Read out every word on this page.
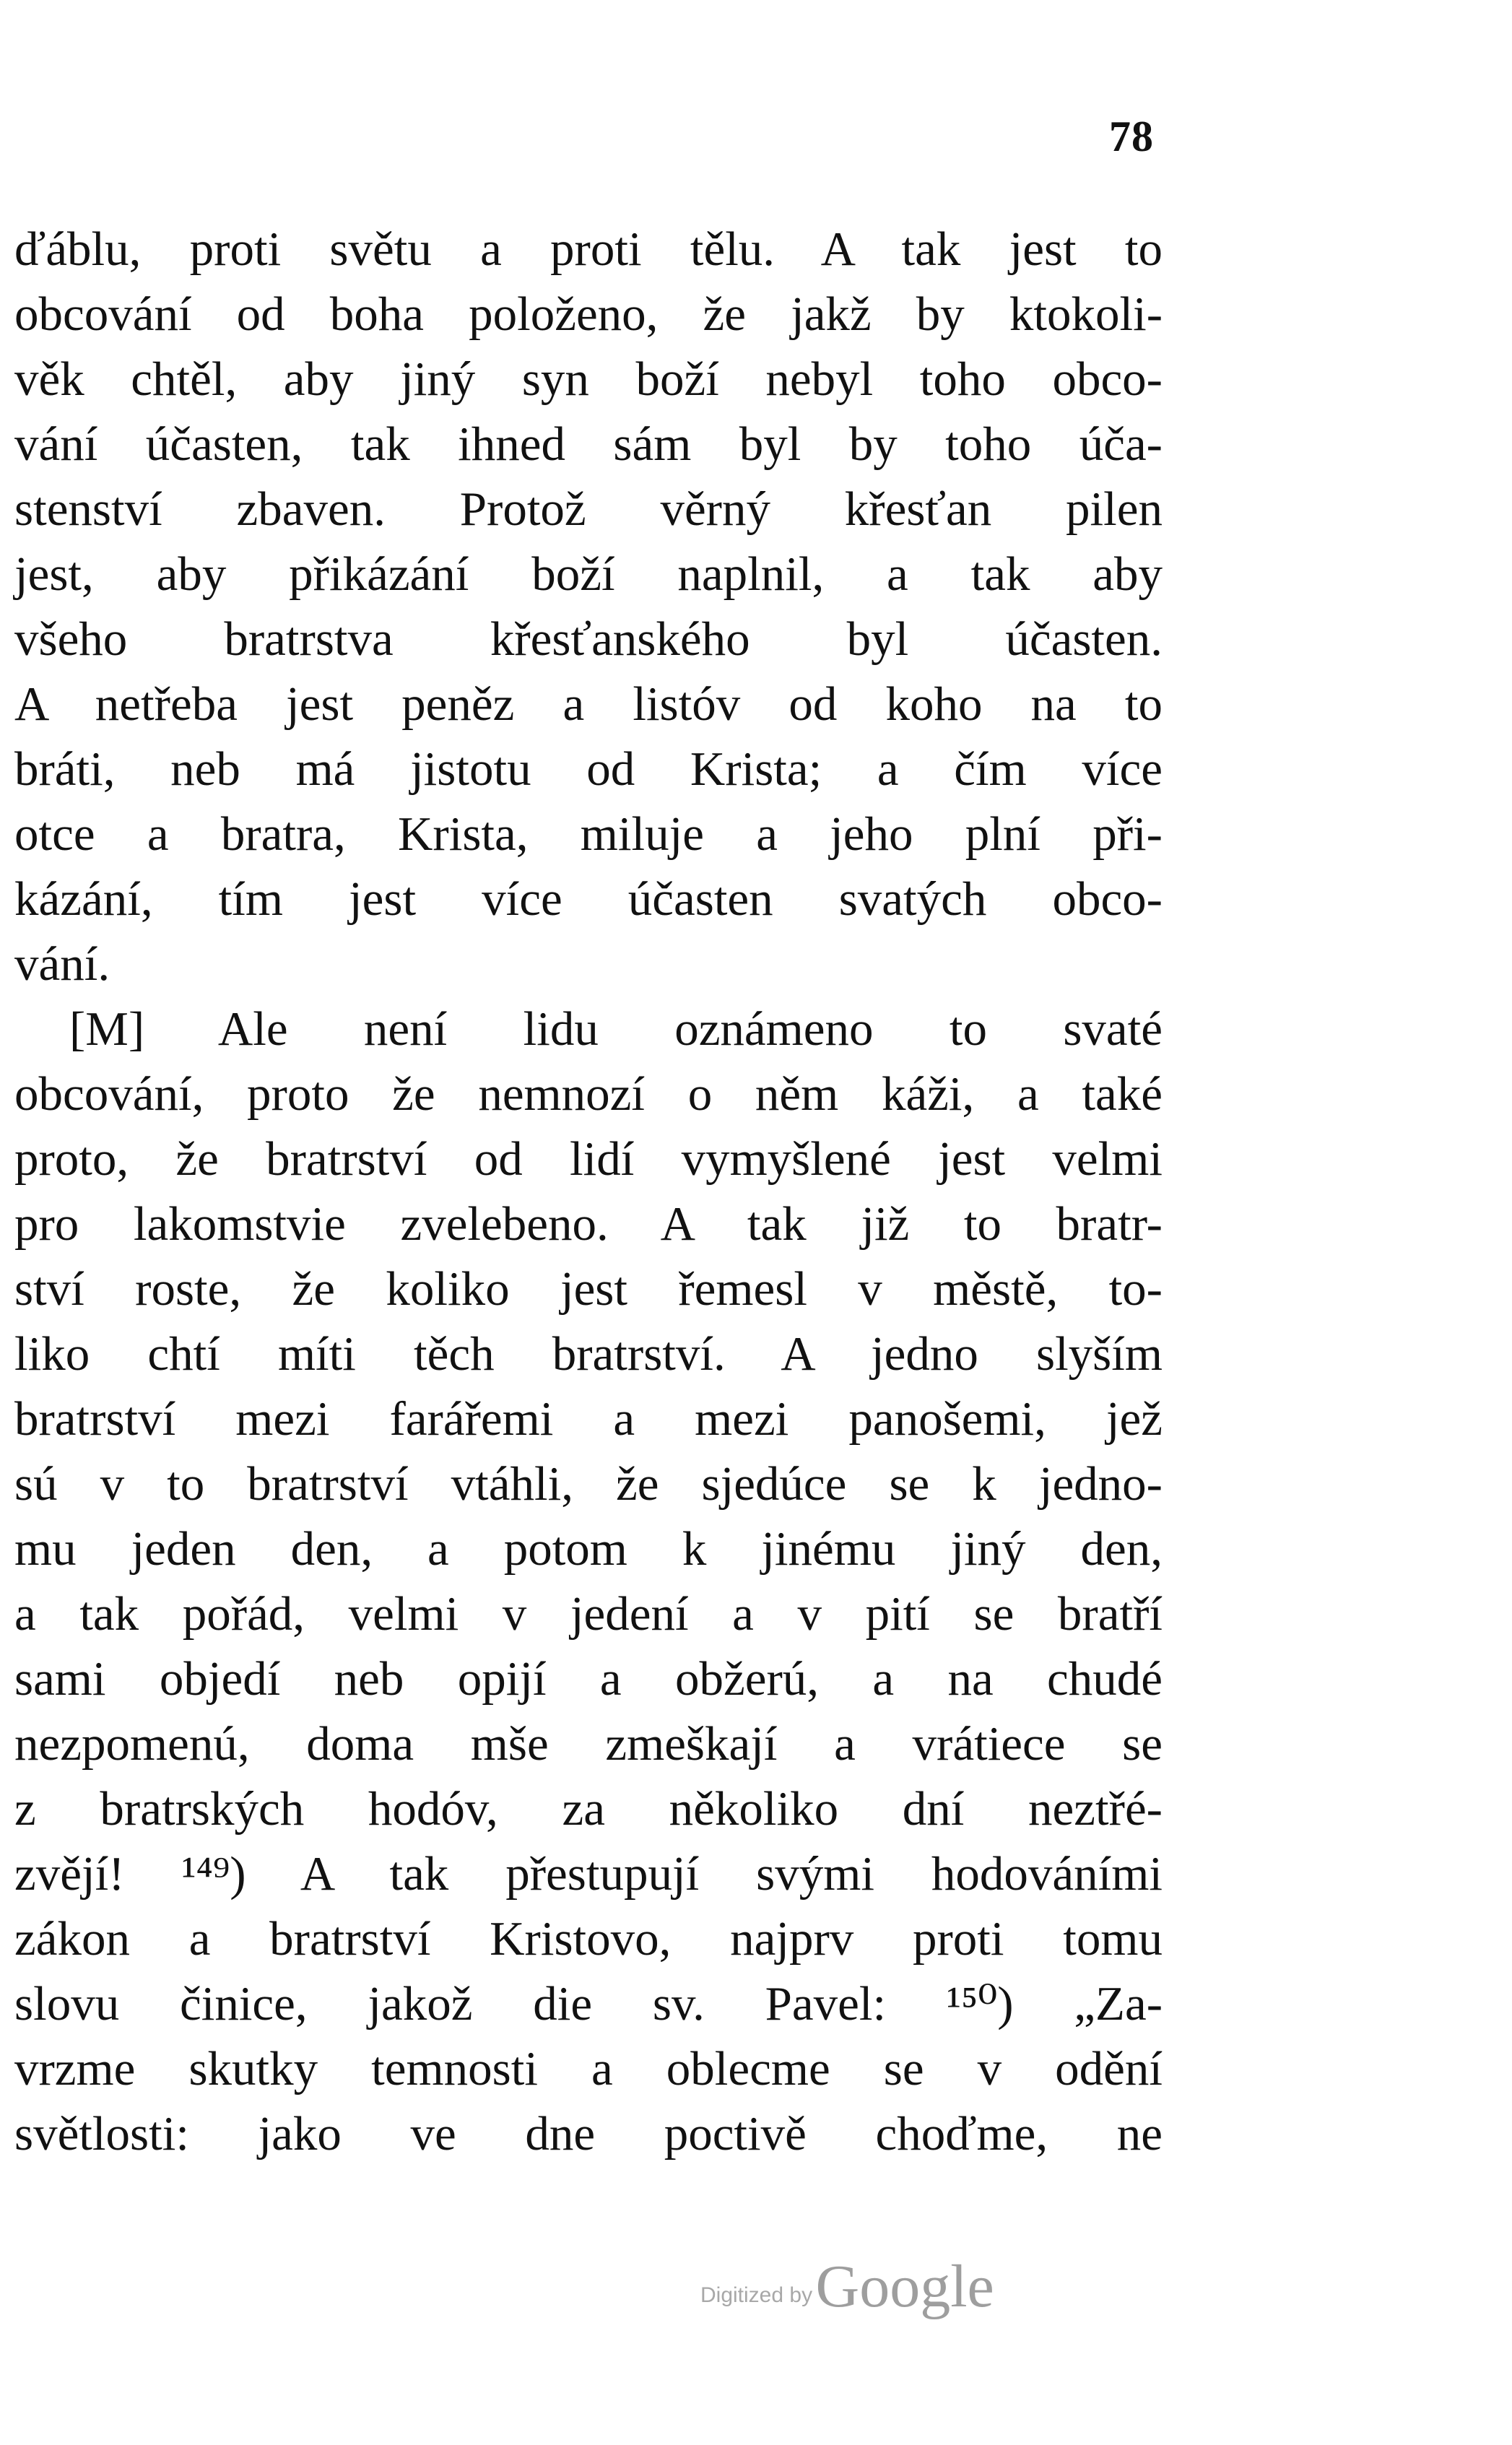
78
ďáblu, proti světu a proti tělu. A tak jest to
obcování od boha položeno, že jakž by ktokoli-
věk chtěl, aby jiný syn boží nebyl toho obco-
vání účasten, tak ihned sám byl by toho úča-
stenství zbaven. Protož věrný křesťan pilen
jest, aby přikázání boží naplnil, a tak aby
všeho bratrstva křesťanského byl účasten.
A netřeba jest peněz a listóv od koho na to
bráti, neb má jistotu od Krista; a čím více
otce a bratra, Krista, miluje a jeho plní při-
kázání, tím jest více účasten svatých obco-
vání.
[M] Ale není lidu oznámeno to svaté
obcování, proto že nemnozí o něm káži, a také
proto, že bratrství od lidí vymyšlené jest velmi
pro lakomstvie zvelebeno. A tak již to bratr-
ství roste, že koliko jest řemesl v městě, to-
liko chtí míti těch bratrství. A jedno slyším
bratrství mezi farářemi a mezi panošemi, jež
sú v to bratrství vtáhli, že sjedúce se k jedno-
mu jeden den, a potom k jinému jiný den,
a tak pořád, velmi v jedení a v pití se bratří
sami objedí neb opijí a obžerú, a na chudé
nezpomenú, doma mše zmeškají a vrátiece se
z bratrských hodóv, za několiko dní neztřé-
zvějí! ¹⁴⁹) A tak přestupují svými hodováními
zákon a bratrství Kristovo, najprv proti tomu
slovu činice, jakož die sv. Pavel: ¹⁵⁰) „Za-
vrzme skutky temnosti a oblecme se v odění
světlosti: jako ve dne poctivě choďme, ne
Digitized by Google
